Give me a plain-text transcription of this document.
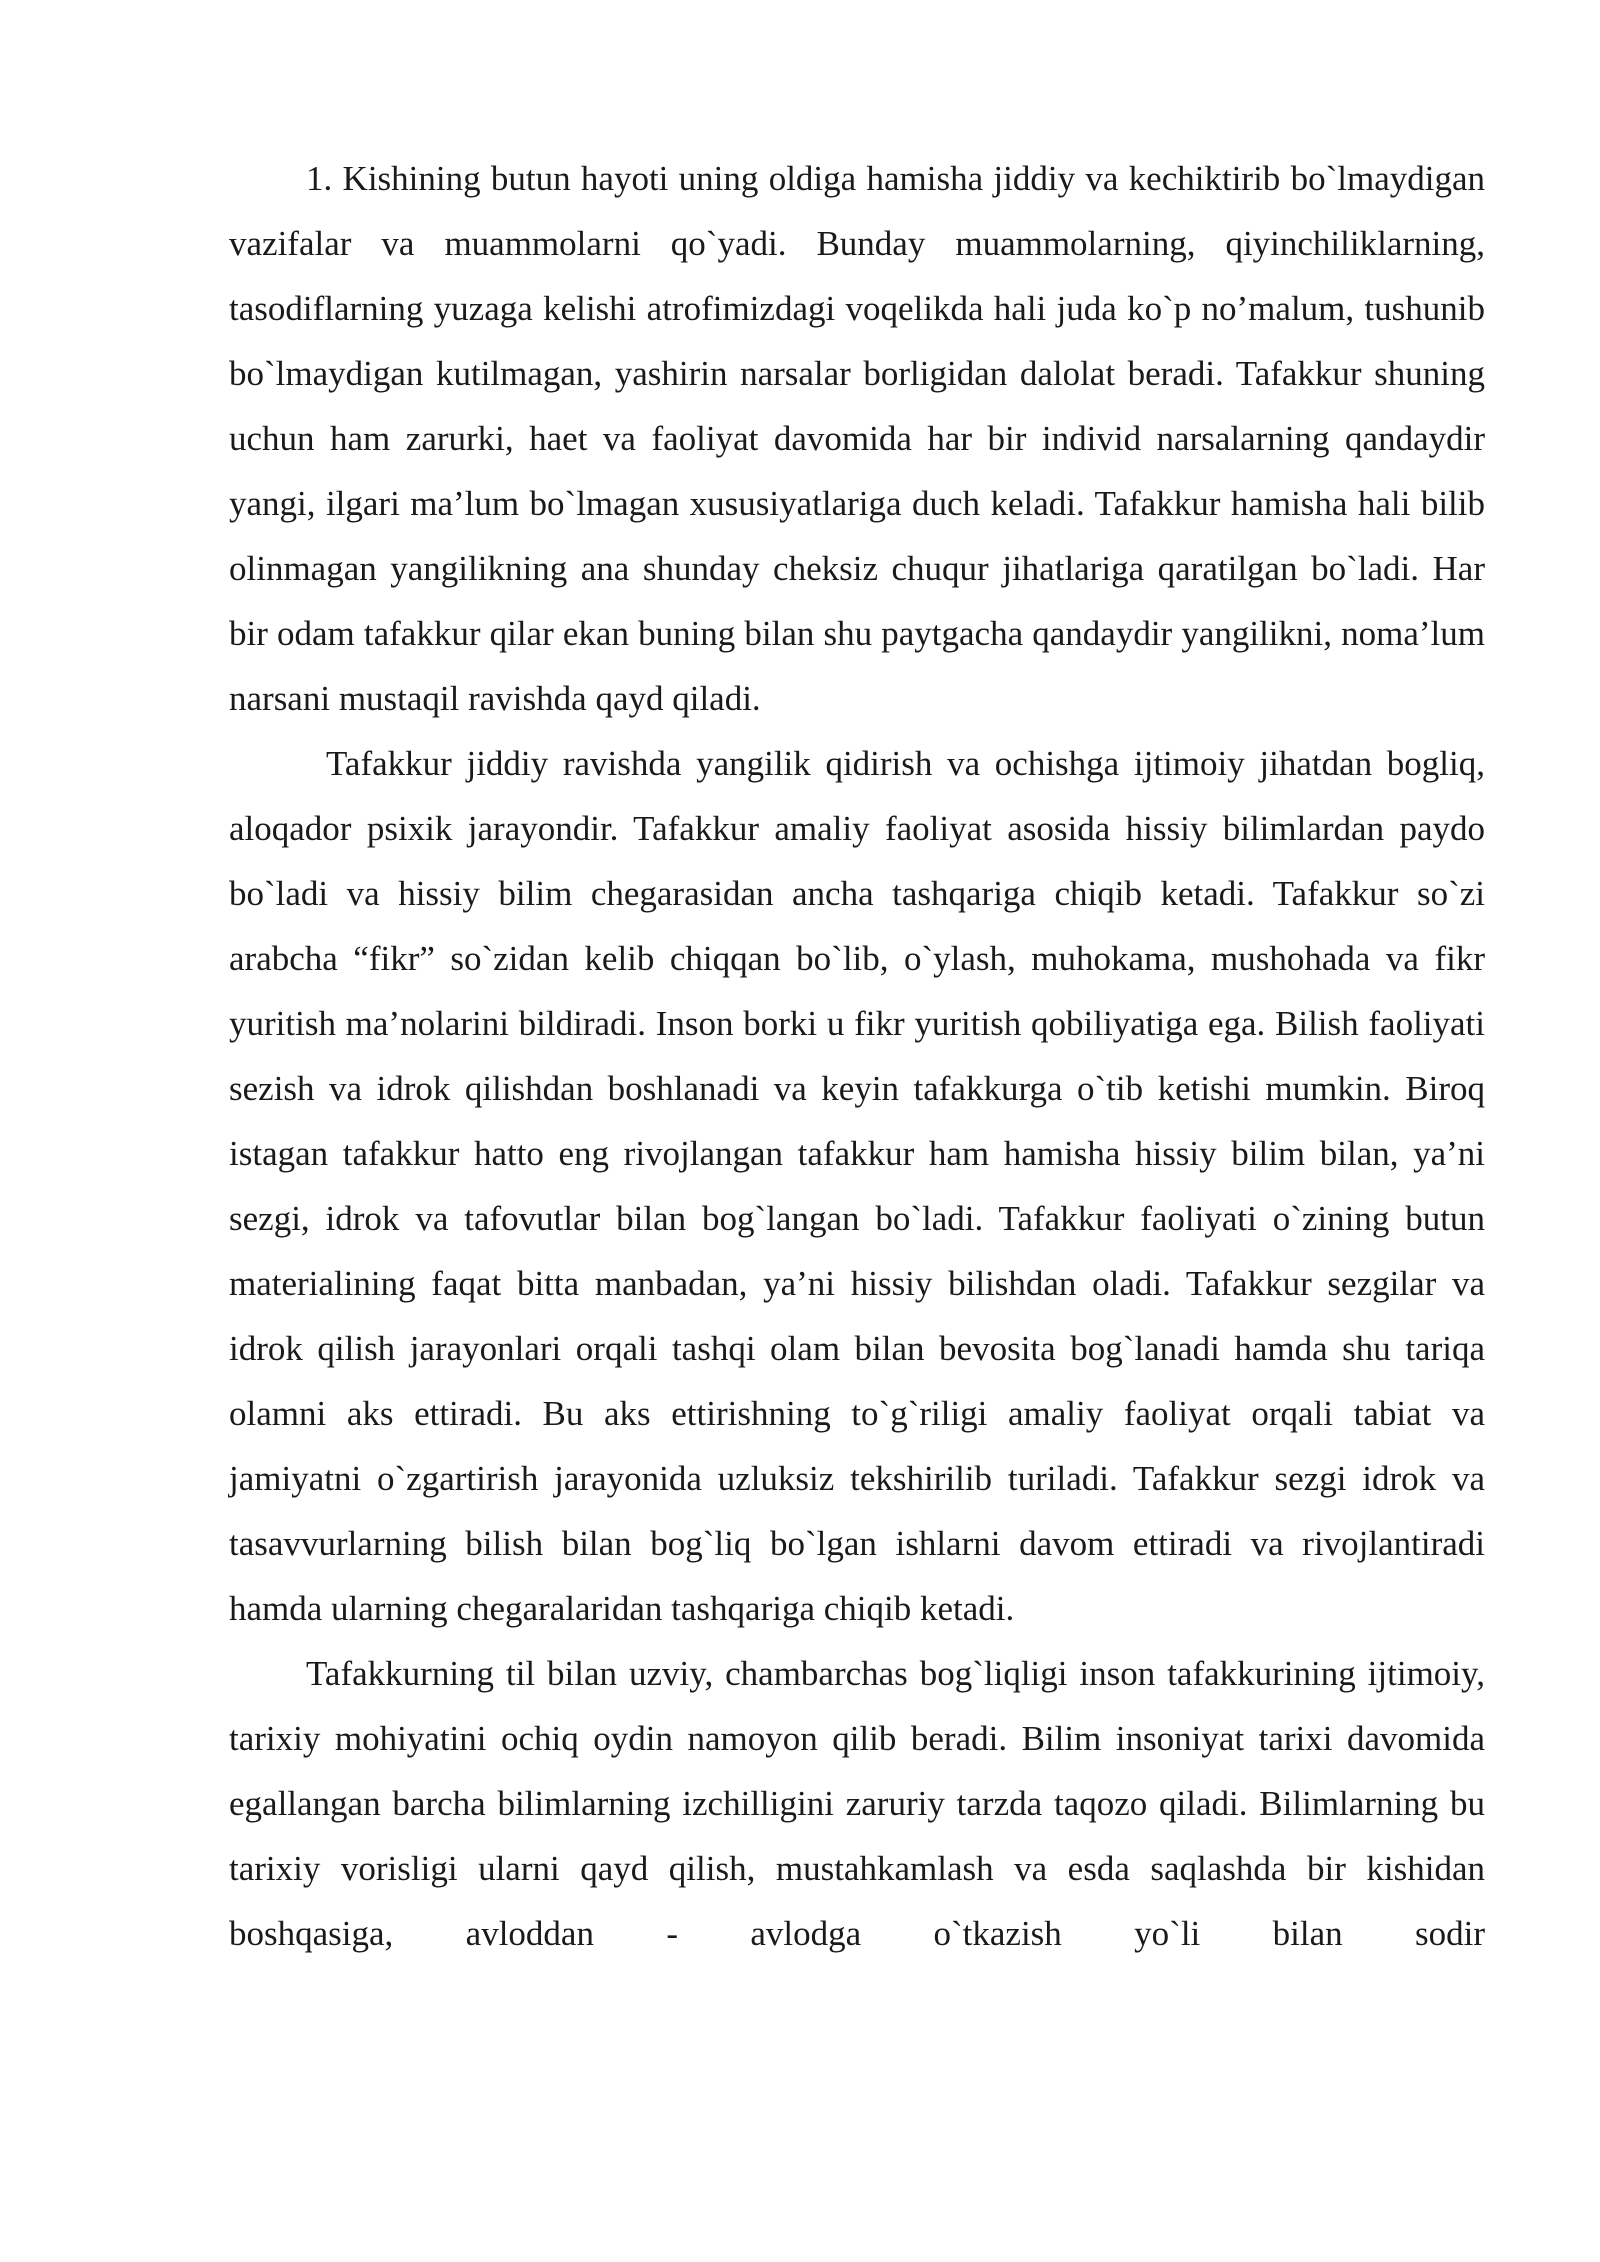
1. Kishining butun hayoti uning oldiga hamisha jiddiy va kechiktirib bo`lmaydigan vazifalar va muammolarni qo`yadi. Bunday muammolarning, qiyinchiliklarning, tasodiflarning yuzaga kelishi atrofimizdagi voqelikda hali juda ko`p no’malum, tushunib bo`lmaydigan kutilmagan, yashirin narsalar borligidan dalolat beradi. Tafakkur shuning uchun ham zarurki, haet va faoliyat davomida har bir individ narsalarning qandaydir yangi, ilgari ma’lum bo`lmagan xususiyatlariga duch keladi. Tafakkur hamisha hali bilib olinmagan yangilikning ana shunday cheksiz chuqur jihatlariga qaratilgan bo`ladi. Har bir odam tafakkur qilar ekan buning bilan shu paytgacha qandaydir yangilikni, noma’lum narsani mustaqil ravishda qayd qiladi.

Tafakkur jiddiy ravishda yangilik qidirish va ochishga ijtimoiy jihatdan bogliq, aloqador psixik jarayondir. Tafakkur amaliy faoliyat asosida hissiy bilimlardan paydo bo`ladi va hissiy bilim chegarasidan ancha tashqariga chiqib ketadi. Tafakkur so`zi arabcha “fikr” so`zidan kelib chiqqan bo`lib, o`ylash, muhokama, mushohada va fikr yuritish ma’nolarini bildiradi. Inson borki u fikr yuritish qobiliyatiga ega. Bilish faoliyati sezish va idrok qilishdan boshlanadi va keyin tafakkurga o`tib ketishi mumkin. Biroq istagan tafakkur hatto eng rivojlangan tafakkur ham hamisha hissiy bilim bilan, ya’ni sezgi, idrok va tafovutlar bilan bog`langan bo`ladi. Tafakkur faoliyati o`zining butun materialining faqat bitta manbadan, ya’ni hissiy bilishdan oladi. Tafakkur sezgilar va idrok qilish jarayonlari orqali tashqi olam bilan bevosita bog`lanadi hamda shu tariqa olamni aks ettiradi. Bu aks ettirishning to`g`riligi amaliy faoliyat orqali tabiat va jamiyatni o`zgartirish jarayonida uzluksiz tekshirilib turiladi. Tafakkur sezgi idrok va tasavvurlarning bilish bilan bog`liq bo`lgan ishlarni davom ettiradi va rivojlantiradi hamda ularning chegaralaridan tashqariga chiqib ketadi.

Tafakkurning til bilan uzviy, chambarchas bog`liqligi inson tafakkurining ijtimoiy, tarixiy mohiyatini ochiq oydin namoyon qilib beradi. Bilim insoniyat tarixi davomida egallangan barcha bilimlarning izchilligini zaruriy tarzda taqozo qiladi. Bilimlarning bu tarixiy vorisligi ularni qayd qilish, mustahkamlash va esda saqlashda bir kishidan boshqasiga, avloddan - avlodga o`tkazish yo`li bilan sodir
